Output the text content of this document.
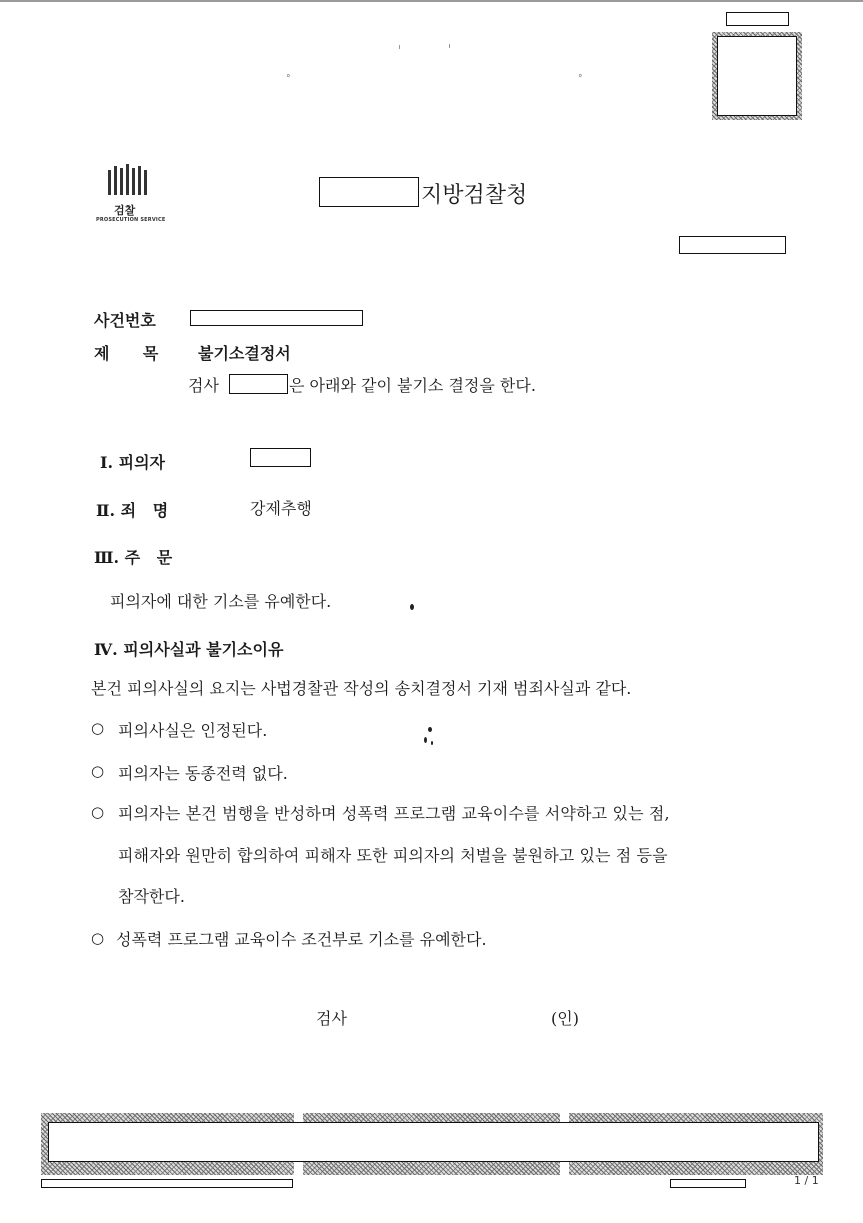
°	°
검찰
PROSECUTION SERVICE
지방검찰청
사건번호
제      목 불기소결정서
검사	은 아래와 같이 불기소 결정을 한다.
Ⅰ. 피의자
Ⅱ. 죄   명	강제추행
Ⅲ. 주   문
피의자에 대한 기소를 유예한다.
Ⅳ. 피의사실과 불기소이유
본건 피의사실의 요지는 사법경찰관 작성의 송치결정서 기재 범죄사실과 같다.
○ 피의사실은 인정된다.
○ 피의자는 동종전력 없다.
○ 피의자는 본건 범행을 반성하며 성폭력 프로그램 교육이수를 서약하고 있는 점,
피해자와 원만히 합의하여 피해자 또한 피의자의 처벌을 불원하고 있는 점 등을
참작한다.
○ 성폭력 프로그램 교육이수 조건부로 기소를 유예한다.
검사	(인)
1 / 1
